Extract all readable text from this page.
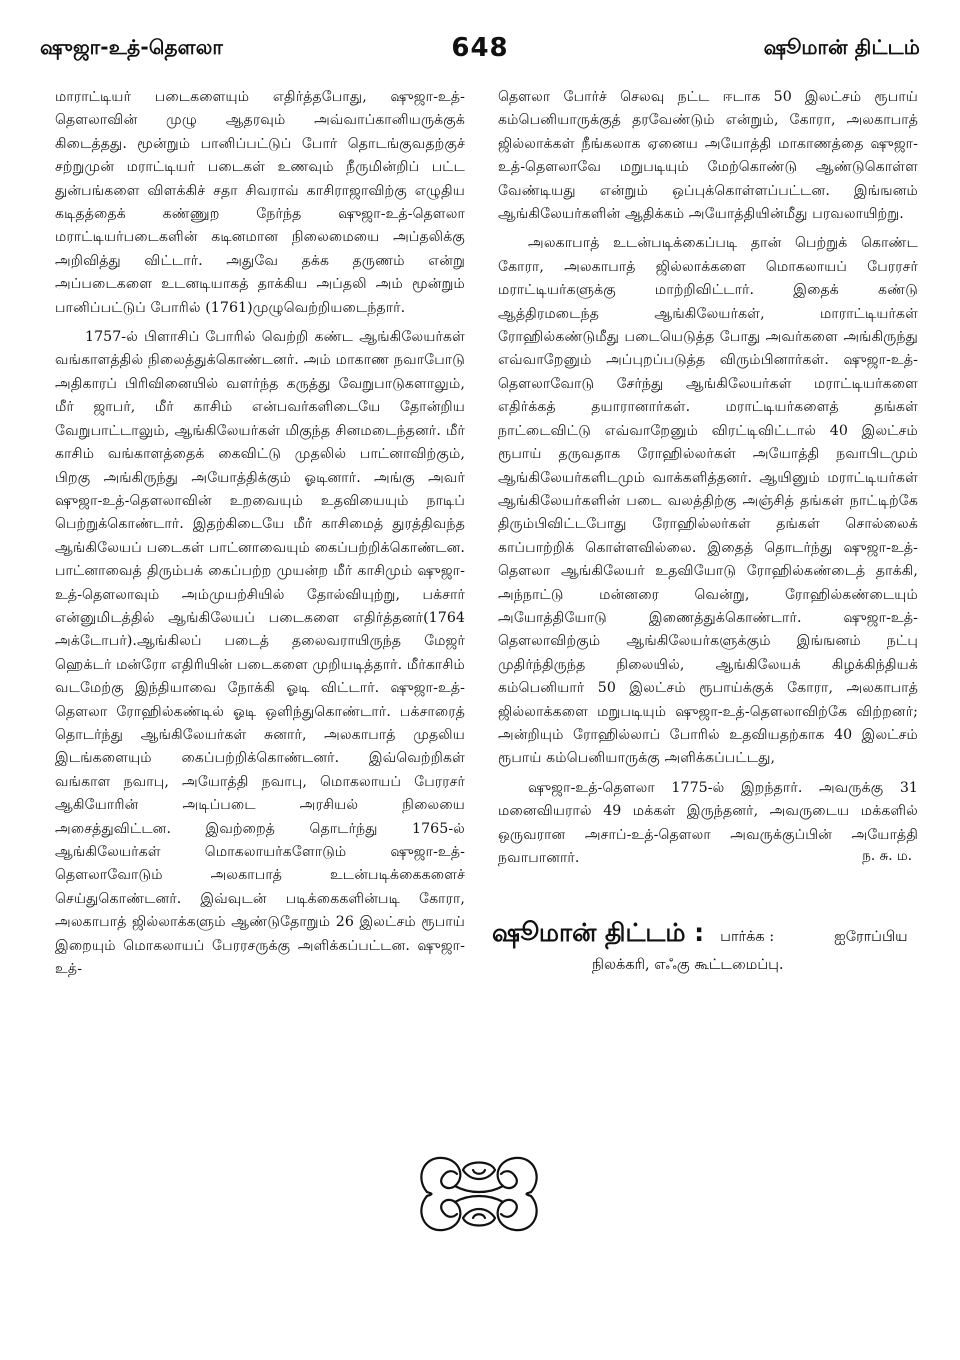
ஷுஜா-உத்-தௌலா	648	ஷூமான் திட்டம்

மாராட்டியர் படைகளையும் எதிர்த்தபோது, ஷுஜா-உத்-தௌலாவின் முழு ஆதரவும் அவ்வாப்கானியருக்குக் கிடைத்தது. மூன்றும் பானிப்பட்டுப் போர் தொடங்குவதற்குச் சற்றுமுன் மராட்டியர் படைகள் உணவும் நீருமின்றிப் பட்ட துன்பங்களை விளக்கிச் சதா சிவராவ் காசிராஜாவிற்கு எழுதிய கடிதத்தைக் கண்ணுற நேர்ந்த ஷுஜா-உத்-தௌலா மராட்டியர்படைகளின் கடினமான நிலைமையை அப்தலிக்கு அறிவித்து விட்டார். அதுவே தக்க தருணம் என்று அப்படைகளை உடனடியாகத் தாக்கிய அப்தலி அம் மூன்றும் பானிப்பட்டுப் போரில் (1761)முழுவெற்றியடைந்தார்.

1757-ல் பிளாசிப் போரில் வெற்றி கண்ட ஆங்கிலேயர்கள் வங்காளத்தில் நிலைத்துக்கொண்டனர். அம் மாகாண நவாபோடு அதிகாரப் பிரிவினையில் வளர்ந்த கருத்து வேறுபாடுகளாலும், மீர் ஜாபர், மீர் காசிம் என்பவர்களிடையே தோன்றிய வேறுபாட்டாலும், ஆங்கிலேயர்கள் மிகுந்த சினமடைந்தனர். மீர் காசிம் வங்காளத்தைக் கைவிட்டு முதலில் பாட்னாவிற்கும், பிறகு அங்கிருந்து அயோத்திக்கும் ஓடினார். அங்கு அவர் ஷுஜா-உத்-தௌலாவின் உறவையும் உதவியையும் நாடிப் பெற்றுக்கொண்டார். இதற்கிடையே மீர் காசிமைத் துரத்திவந்த ஆங்கிலேயப் படைகள் பாட்னாவையும் கைப்பற்றிக்கொண்டன. பாட்னாவைத் திரும்பக் கைப்பற்ற முயன்ற மீர் காசிமும் ஷுஜா-உத்-தௌலாவும் அம்முயற்சியில் தோல்வியுற்று, பக்சார் என்னுமிடத்தில் ஆங்கிலேயப் படைகளை எதிர்த்தனர்(1764 அக்டோபர்).ஆங்கிலப் படைத் தலைவராயிருந்த மேஜர் ஹெக்டர் மன்ரோ எதிரியின் படைகளை முறியடித்தார். மீர்காசிம் வடமேற்கு இந்தியாவை நோக்கி ஓடி விட்டார். ஷுஜா-உத்-தௌலா ரோஹில்கண்டில் ஓடி ஒளிந்துகொண்டார். பக்சாரைத் தொடர்ந்து ஆங்கிலேயர்கள் சுனார், அலகாபாத் முதலிய இடங்களையும் கைப்பற்றிக்கொண்டனர். இவ்வெற்றிகள் வங்காள நவாபு, அயோத்தி நவாபு, மொகலாயப் பேரரசர் ஆகியோரின் அடிப்படை அரசியல் நிலையை அசைத்துவிட்டன. இவற்றைத் தொடர்ந்து 1765-ல் ஆங்கிலேயர்கள் மொகலாயர்களோடும் ஷுஜா-உத்-தௌலாவோடும் அலகாபாத் உடன்படிக்கைகளைச் செய்துகொண்டனர். இவ்வுடன் படிக்கைகளின்படி கோரா, அலகாபாத் ஜில்லாக்களும் ஆண்டுதோறும் 26 இலட்சம் ரூபாய் இறையும் மொகலாயப் பேரரசருக்கு அளிக்கப்பட்டன. ஷுஜா-உத்-

தௌலா போர்ச் செலவு நட்ட ஈடாக 50 இலட்சம் ரூபாய் கம்பெனியாருக்குத் தரவேண்டும் என்றும், கோரா, அலகாபாத் ஜில்லாக்கள் நீங்கலாக ஏனைய அயோத்தி மாகாணத்தை ஷுஜா-உத்-தௌலாவே மறுபடியும் மேற்கொண்டு ஆண்டுகொள்ள வேண்டியது என்றும் ஒப்புக்கொள்ளப்பட்டன. இங்ஙனம் ஆங்கிலேயர்களின் ஆதிக்கம் அயோத்தியின்மீது பரவலாயிற்று.

அலகாபாத் உடன்படிக்கைப்படி தான் பெற்றுக் கொண்ட கோரா, அலகாபாத் ஜில்லாக்களை மொகலாயப் பேரரசர் மராட்டியர்களுக்கு மாற்றிவிட்டார். இதைக் கண்டு ஆத்திரமடைந்த ஆங்கிலேயர்கள், மாராட்டியர்கள் ரோஹில்கண்டுமீது படையெடுத்த போது அவர்களை அங்கிருந்து எவ்வாறேனும் அப்புறப்படுத்த விரும்பினார்கள். ஷுஜா-உத்-தௌலாவோடு சேர்ந்து ஆங்கிலேயர்கள் மராட்டியர்களை எதிர்க்கத் தயாரானார்கள். மராட்டியர்களைத் தங்கள் நாட்டைவிட்டு எவ்வாறேனும் விரட்டிவிட்டால் 40 இலட்சம் ரூபாய் தருவதாக ரோஹில்லர்கள் அயோத்தி நவாபிடமும் ஆங்கிலேயர்களிடமும் வாக்களித்தனர். ஆயினும் மராட்டியர்கள் ஆங்கிலேயர்களின் படை வலத்திற்கு அஞ்சித் தங்கள் நாட்டிற்கே திரும்பிவிட்டபோது ரோஹில்லர்கள் தங்கள் சொல்லைக் காப்பாற்றிக் கொள்ளவில்லை. இதைத் தொடர்ந்து ஷுஜா-உத்-தௌலா ஆங்கிலேயர் உதவியோடு ரோஹில்கண்டைத் தாக்கி, அந்நாட்டு மன்னரை வென்று, ரோஹில்கண்டையும் அயோத்தியோடு இணைத்துக்கொண்டார். ஷுஜா-உத்-தௌலாவிற்கும் ஆங்கிலேயர்களுக்கும் இங்ஙனம் நட்பு முதிர்ந்திருந்த நிலையில், ஆங்கிலேயக் கிழக்கிந்தியக் கம்பெனியார் 50 இலட்சம் ரூபாய்க்குக் கோரா, அலகாபாத் ஜில்லாக்களை மறுபடியும் ஷுஜா-உத்-தௌலாவிற்கே விற்றனர்; அன்றியும் ரோஹில்லாப் போரில் உதவியதற்காக 40 இலட்சம் ரூபாய் கம்பெனியாருக்கு அளிக்கப்பட்டது,

ஷுஜா-உத்-தௌலா 1775-ல் இறந்தார். அவருக்கு 31 மனைவியரால் 49 மக்கள் இருந்தனர், அவருடைய மக்களில் ஒருவரான அசாப்-உத்-தௌலா அவருக்குப்பின் அயோத்தி நவாபானார்.	ந. சு. ம.
ஷூமான் திட்டம் : பார்க்க :	ஐரோப்பிய
நிலக்கரி, எஃகு கூட்டமைப்பு.
